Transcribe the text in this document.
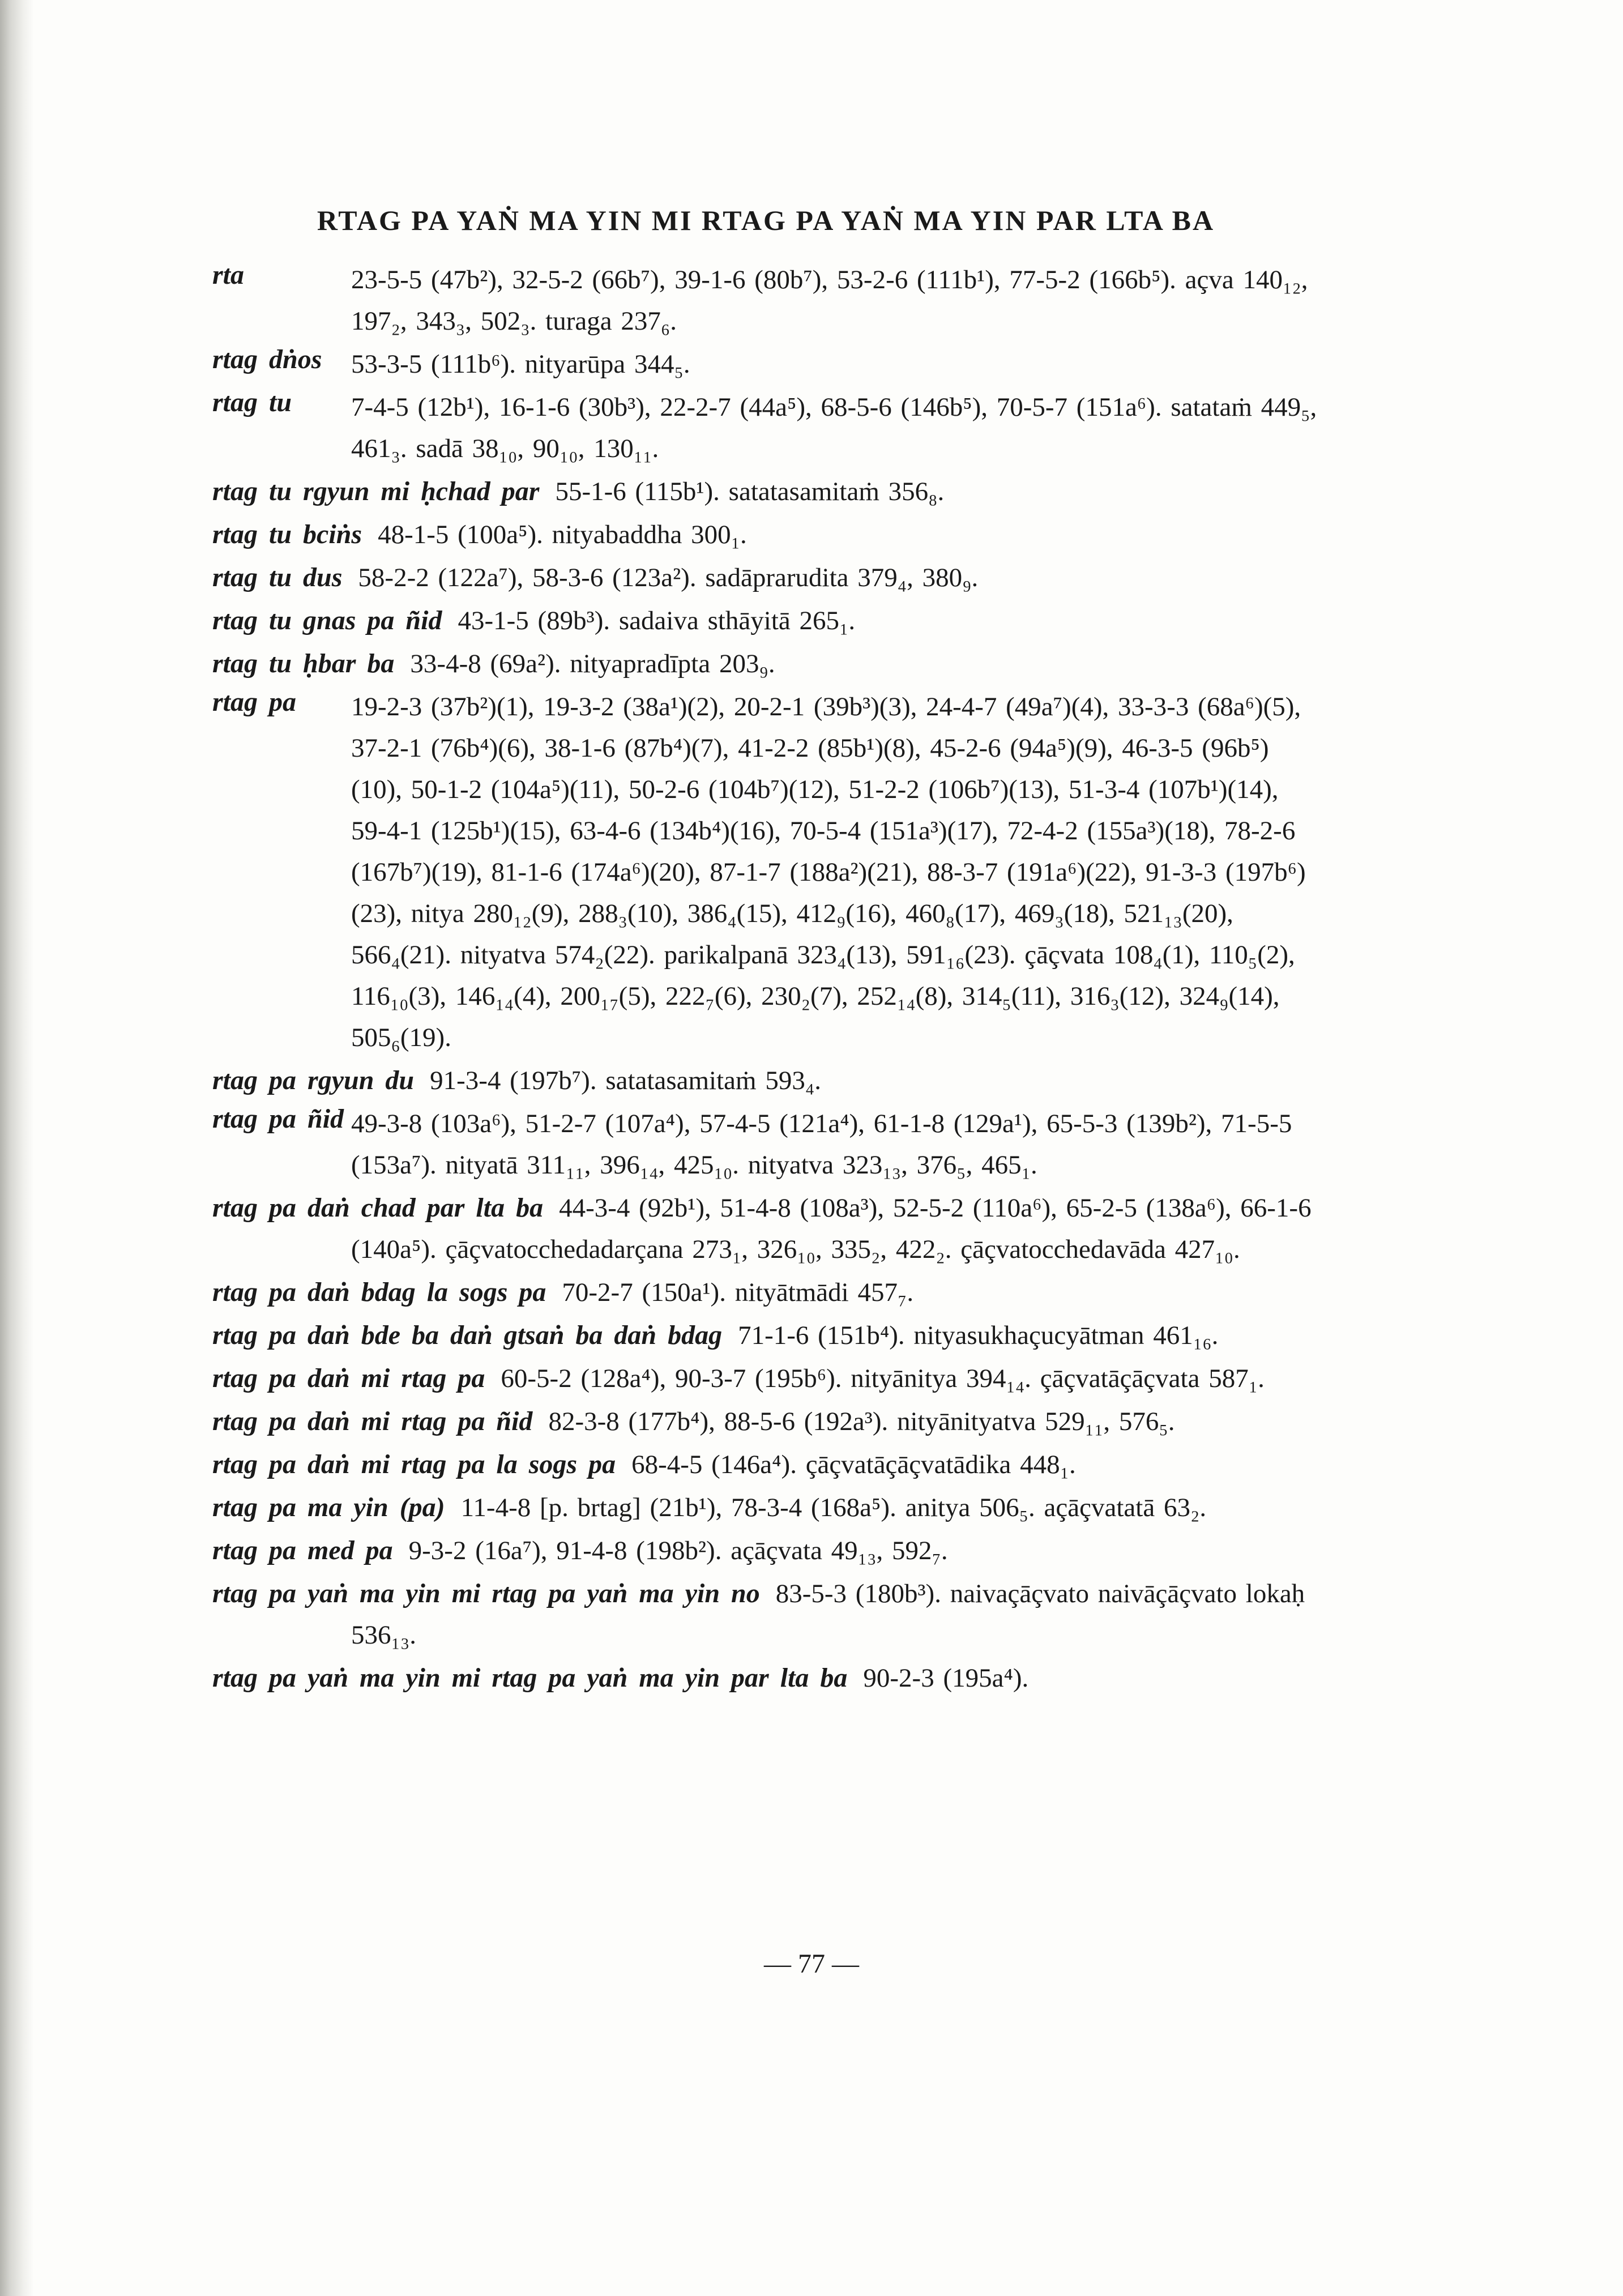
RTAG PA YAṄ MA YIN MI RTAG PA YAṄ MA YIN PAR LTA BA
rta	23-5-5 (47b²), 32-5-2 (66b⁷), 39-1-6 (80b⁷), 53-2-6 (111b¹), 77-5-2 (166b⁵). açva 140₁₂, 197₂, 343₃, 502₃. turaga 237₆.
rtag dṅos 53-3-5 (111b⁶). nityarūpa 344₅.
rtag tu 7-4-5 (12b¹), 16-1-6 (30b³), 22-2-7 (44a⁵), 68-5-6 (146b⁵), 70-5-7 (151a⁶). satataṁ 449₅, 461₃. sadā 38₁₀, 90₁₀, 130₁₁.
rtag tu rgyun mi ḥchad par 55-1-6 (115b¹). satatasamitaṁ 356₈.
rtag tu bciṅs 48-1-5 (100a⁵). nityabaddha 300₁.
rtag tu dus 58-2-2 (122a⁷), 58-3-6 (123a²). sadāprarudita 379₄, 380₉.
rtag tu gnas pa ñid 43-1-5 (89b³). sadaiva sthāyitā 265₁.
rtag tu ḥbar ba 33-4-8 (69a²). nityapradīpta 203₉.
rtag pa 19-2-3 (37b²)(1), 19-3-2 (38a¹)(2), 20-2-1 (39b³)(3), 24-4-7 (49a⁷)(4), 33-3-3 (68a⁶)(5), 37-2-1 (76b⁴)(6), 38-1-6 (87b⁴)(7), 41-2-2 (85b¹)(8), 45-2-6 (94a⁵)(9), 46-3-5 (96b⁵)(10), 50-1-2 (104a⁵)(11), 50-2-6 (104b⁷)(12), 51-2-2 (106b⁷)(13), 51-3-4 (107b¹)(14), 59-4-1 (125b¹)(15), 63-4-6 (134b⁴)(16), 70-5-4 (151a³)(17), 72-4-2 (155a³)(18), 78-2-6 (167b⁷)(19), 81-1-6 (174a⁶)(20), 87-1-7 (188a²)(21), 88-3-7 (191a⁶)(22), 91-3-3 (197b⁶)(23), nitya 280₁₂(9), 288₃(10), 386₄(15), 412₉(16), 460₈(17), 469₃(18), 521₁₃(20), 566₄(21). nityatva 574₂(22). parikalpanā 323₄(13), 591₁₆(23). çāçvata 108₄(1), 110₅(2), 116₁₀(3), 146₁₄(4), 200₁₇(5), 222₇(6), 230₂(7), 252₁₄(8), 314₅(11), 316₃(12), 324₉(14), 505₆(19).
rtag pa rgyun du 91-3-4 (197b⁷). satatasamitaṁ 593₄.
rtag pa ñid 49-3-8 (103a⁶), 51-2-7 (107a⁴), 57-4-5 (121a⁴), 61-1-8 (129a¹), 65-5-3 (139b²), 71-5-5 (153a⁷). nityatā 311₁₁, 396₁₄, 425₁₀. nityatva 323₁₃, 376₅, 465₁.
rtag pa daṅ chad par lta ba 44-3-4 (92b¹), 51-4-8 (108a³), 52-5-2 (110a⁶), 65-2-5 (138a⁶), 66-1-6 (140a⁵). çāçvatocchedadarçana 273₁, 326₁₀, 335₂, 422₂. çāçvatocchedavāda 427₁₀.
rtag pa daṅ bdag la sogs pa 70-2-7 (150a¹). nityātmādi 457₇.
rtag pa daṅ bde ba daṅ gtsaṅ ba daṅ bdag 71-1-6 (151b⁴). nityasukhaçucyātman 461₁₆.
rtag pa daṅ mi rtag pa 60-5-2 (128a⁴), 90-3-7 (195b⁶). nityānitya 394₁₄. çāçvatāçāçvata 587₁.
rtag pa daṅ mi rtag pa ñid 82-3-8 (177b⁴), 88-5-6 (192a³). nityānityatva 529₁₁, 576₅.
rtag pa daṅ mi rtag pa la sogs pa 68-4-5 (146a⁴). çāçvatāçāçvatādika 448₁.
rtag pa ma yin (pa) 11-4-8 [p. brtag] (21b¹), 78-3-4 (168a⁵). anitya 506₅. açāçvatatā 63₂.
rtag pa med pa 9-3-2 (16a⁷), 91-4-8 (198b²). açāçvata 49₁₃, 592₇.
rtag pa yaṅ ma yin mi rtag pa yaṅ ma yin no 83-5-3 (180b³). naivaçāçvato naivāçāçvato lokaḥ 536₁₃.
rtag pa yaṅ ma yin mi rtag pa yaṅ ma yin par lta ba 90-2-3 (195a⁴).
— 77 —
